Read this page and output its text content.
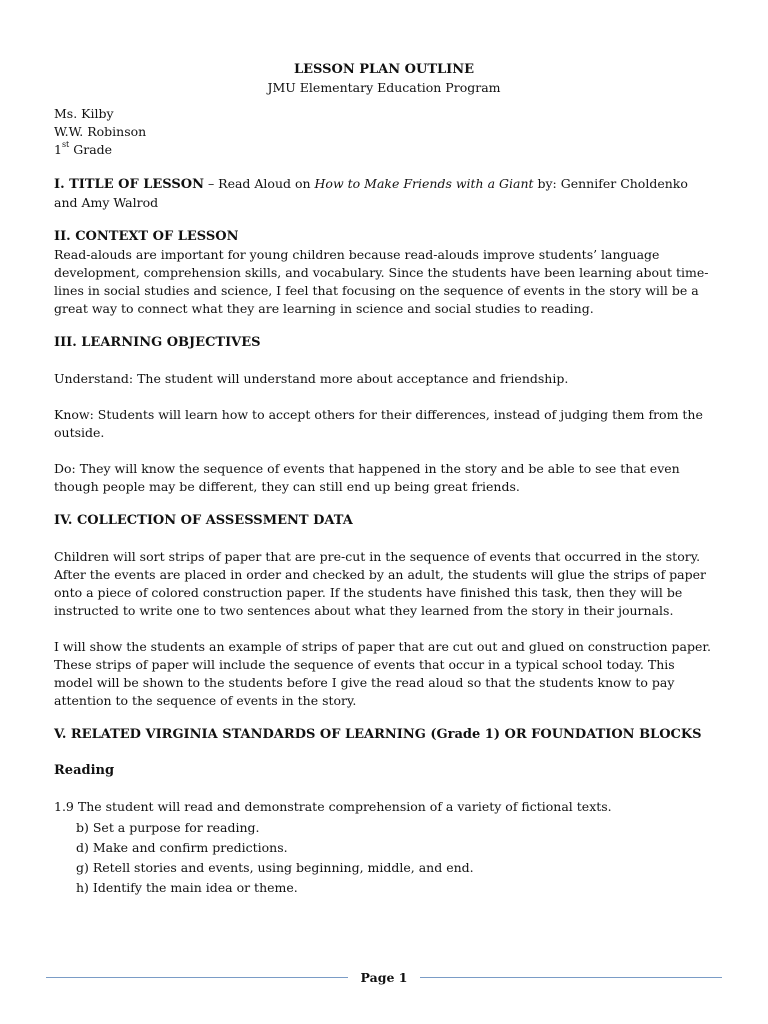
LESSON PLAN OUTLINE
JMU Elementary Education Program
Ms. Kilby
W.W. Robinson
1st Grade
I. TITLE OF LESSON – Read Aloud on How to Make Friends with a Giant by: Gennifer Choldenko and Amy Walrod
II. CONTEXT OF LESSON
Read-alouds are important for young children because read-alouds improve students’ language development, comprehension skills, and vocabulary. Since the students have been learning about time-lines in social studies and science, I feel that focusing on the sequence of events in the story will be a great way to connect what they are learning in science and social studies to reading.
III. LEARNING OBJECTIVES
Understand: The student will understand more about acceptance and friendship.
Know: Students will learn how to accept others for their differences, instead of judging them from the outside.
Do: They will know the sequence of events that happened in the story and be able to see that even though people may be different, they can still end up being great friends.
IV. COLLECTION OF ASSESSMENT DATA
Children will sort strips of paper that are pre-cut in the sequence of events that occurred in the story. After the events are placed in order and checked by an adult, the students will glue the strips of paper onto a piece of colored construction paper. If the students have finished this task, then they will be instructed to write one to two sentences about what they learned from the story in their journals.
I will show the students an example of strips of paper that are cut out and glued on construction paper. These strips of paper will include the sequence of events that occur in a typical school today. This model will be shown to the students before I give the read aloud so that the students know to pay attention to the sequence of events in the story.
V. RELATED VIRGINIA STANDARDS OF LEARNING (Grade 1) OR FOUNDATION BLOCKS
Reading
1.9 The student will read and demonstrate comprehension of a variety of fictional texts.
b) Set a purpose for reading.
d) Make and confirm predictions.
g) Retell stories and events, using beginning, middle, and end.
h) Identify the main idea or theme.
Page 1
